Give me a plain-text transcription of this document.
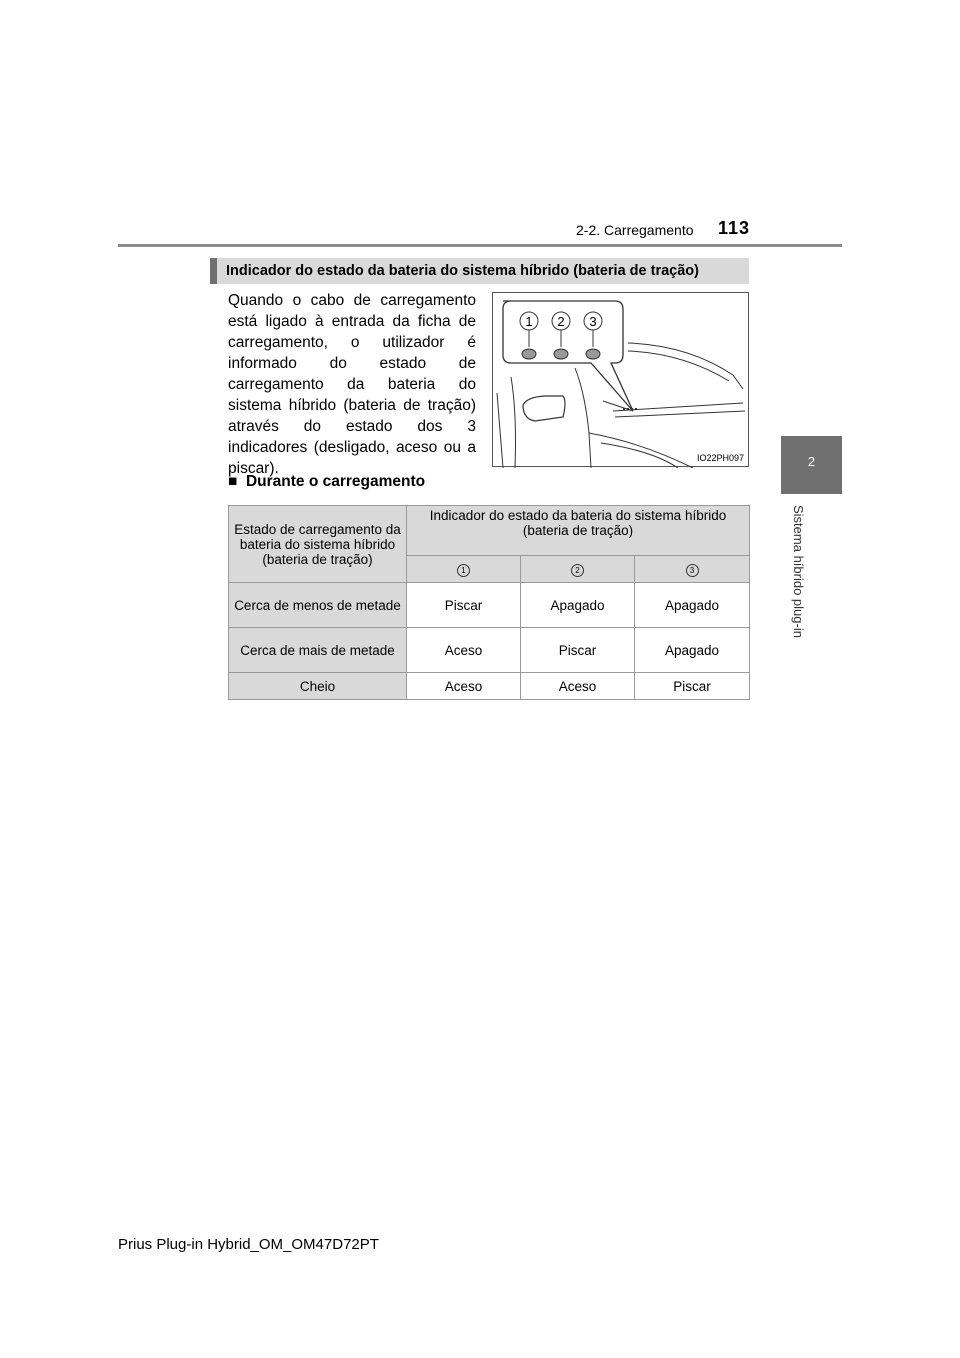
2-2. Carregamento 113
2
Sistema híbrido plug-in
Indicador do estado da bateria do sistema híbrido (bateria de tração)
Quando o cabo de carregamento está ligado à entrada da ficha de carregamento, o utilizador é informado do estado de carregamento da bateria do sistema híbrido (bateria de tração) através do estado dos 3 indicadores (desligado, aceso ou a piscar).
1 2 3
IO22PH097
■  Durante o carregamento
Estado de carregamento da bateria do sistema híbrido (bateria de tração)	Indicador do estado da bateria do sistema híbrido (bateria de tração)		
	1	2	3
Cerca de menos de metade	Piscar	Apagado	Apagado
Cerca de mais de metade	Aceso	Piscar	Apagado
Cheio	Aceso	Aceso	Piscar
Prius Plug-in Hybrid_OM_OM47D72PT
